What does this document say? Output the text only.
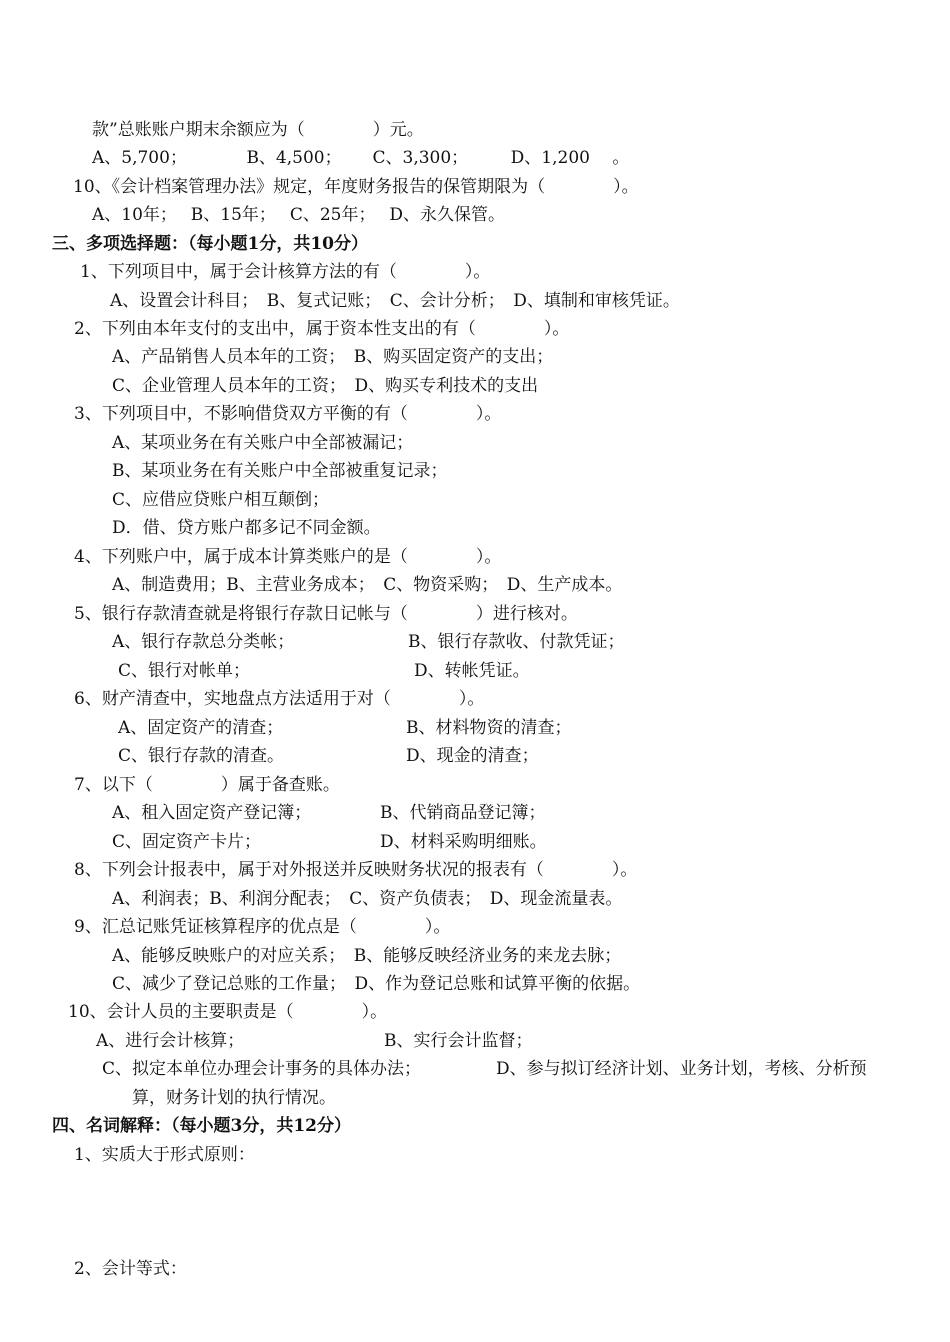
款”总账账户期末余额应为（　　　　）元。
A、5,700；　　　　B、4,500；　　 C、3,300；　　　D、1,200　 。
10、《会计档案管理办法》规定，年度财务报告的保管期限为（　　　　）。
A、10年；　 B、15年；　 C、25年；　 D、永久保管。
三、多项选择题：（每小题1分，共10分）
1、下列项目中，属于会计核算方法的有（　　　　）。
A、设置会计科目；　B、复式记账；　C、会计分析；　D、填制和审核凭证。
2、下列由本年支付的支出中，属于资本性支出的有（　　　　）。
A、产品销售人员本年的工资；　B、购买固定资产的支出；
C、企业管理人员本年的工资；　D、购买专利技术的支出
3、下列项目中，不影响借贷双方平衡的有（　　　　）。
A、某项业务在有关账户中全部被漏记；
B、某项业务在有关账户中全部被重复记录；
C、应借应贷账户相互颠倒；
D．借、贷方账户都多记不同金额。
4、下列账户中，属于成本计算类账户的是（　　　　）。
A、制造费用；B、主营业务成本；　C、物资采购；　D、生产成本。
5、银行存款清查就是将银行存款日记帐与（　　　　）进行核对。
A、银行存款总分类帐；	B、银行存款收、付款凭证；
C、银行对帐单；	D、转帐凭证。
6、财产清查中，实地盘点方法适用于对（　　　　）。
A、固定资产的清查；	B、材料物资的清查；
C、银行存款的清查。	D、现金的清查；
7、以下（　　　　）属于备查账。
A、租入固定资产登记簿；	B、代销商品登记簿；
C、固定资产卡片；	D、材料采购明细账。
8、下列会计报表中，属于对外报送并反映财务状况的报表有（　　　　）。
A、利润表；B、利润分配表；　C、资产负债表；　D、现金流量表。
9、汇总记账凭证核算程序的优点是（　　　　）。
A、能够反映账户的对应关系；　B、能够反映经济业务的来龙去脉；
C、减少了登记总账的工作量；　D、作为登记总账和试算平衡的依据。
10、会计人员的主要职责是（　　　　）。
A、进行会计核算；	B、实行会计监督；
C、拟定本单位办理会计事务的具体办法；	D、参与拟订经济计划、业务计划，考核、分析预
算，财务计划的执行情况。
四、名词解释：（每小题3分，共12分）
1、实质大于形式原则：
2、会计等式：
